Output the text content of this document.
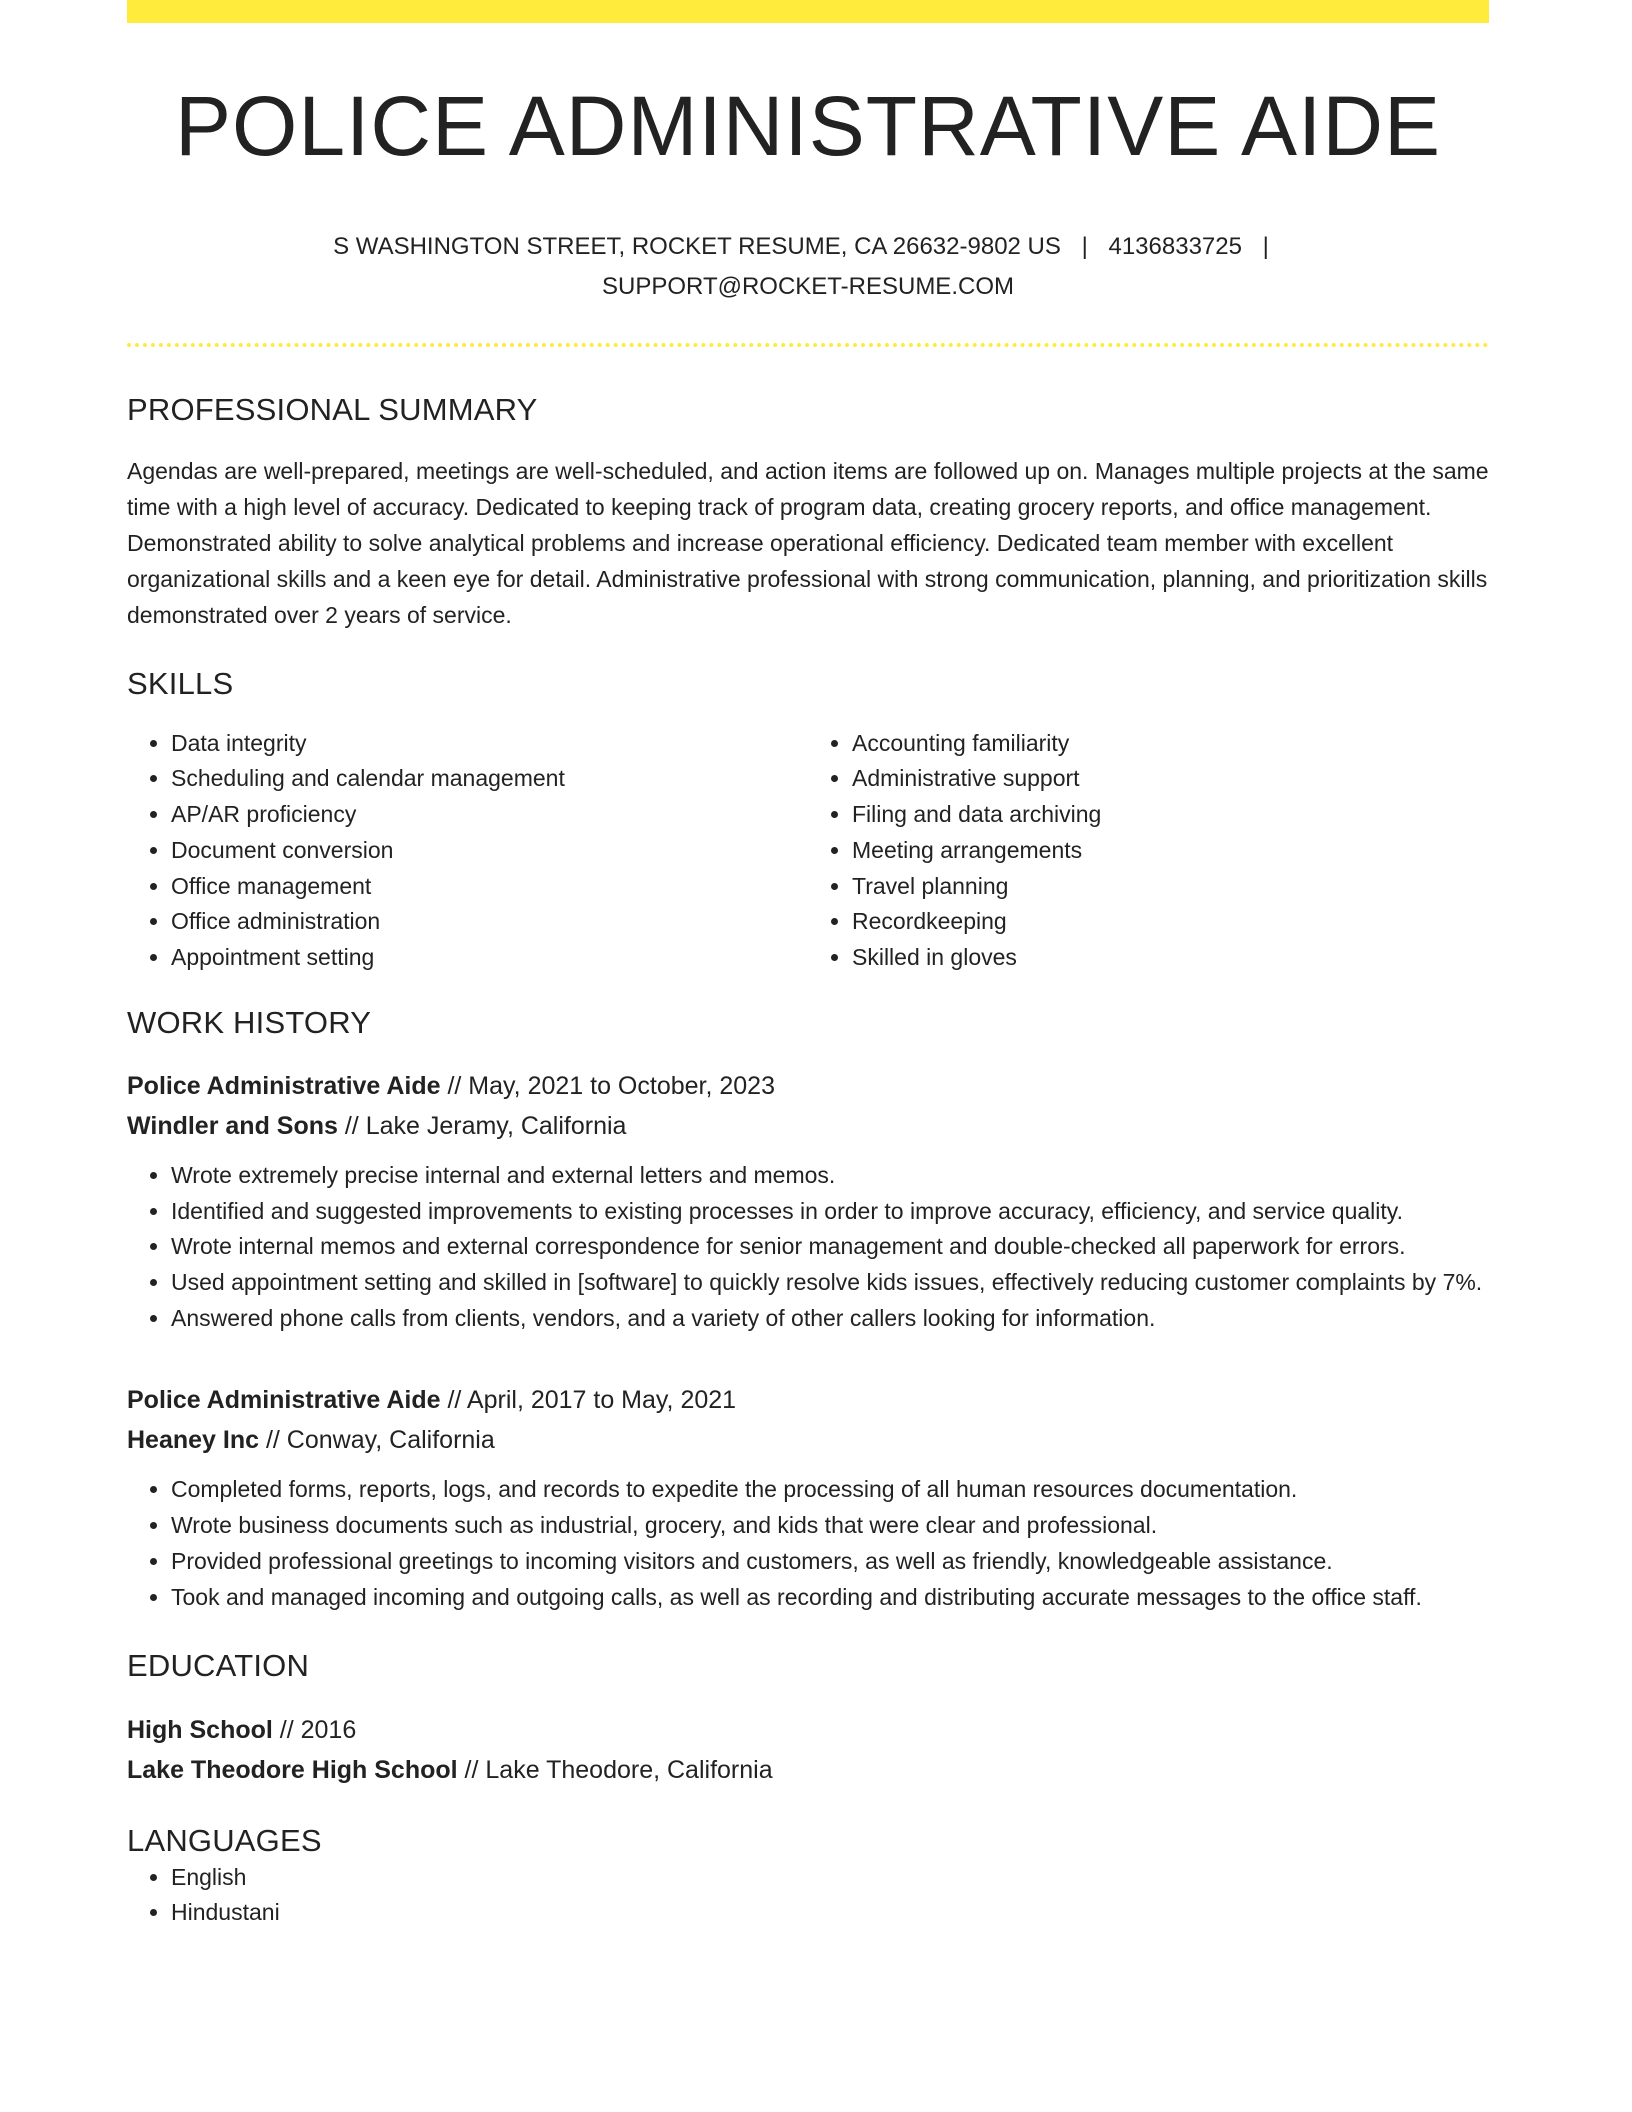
POLICE ADMINISTRATIVE AIDE
S WASHINGTON STREET, ROCKET RESUME, CA 26632-9802 US | 4136833725 |
SUPPORT@ROCKET-RESUME.COM
PROFESSIONAL SUMMARY
Agendas are well-prepared, meetings are well-scheduled, and action items are followed up on. Manages multiple projects at the same time with a high level of accuracy. Dedicated to keeping track of program data, creating grocery reports, and office management. Demonstrated ability to solve analytical problems and increase operational efficiency. Dedicated team member with excellent organizational skills and a keen eye for detail. Administrative professional with strong communication, planning, and prioritization skills demonstrated over 2 years of service.
SKILLS
• Data integrity
• Scheduling and calendar management
• AP/AR proficiency
• Document conversion
• Office management
• Office administration
• Appointment setting
• Accounting familiarity
• Administrative support
• Filing and data archiving
• Meeting arrangements
• Travel planning
• Recordkeeping
• Skilled in gloves
WORK HISTORY
Police Administrative Aide // May, 2021 to October, 2023
Windler and Sons // Lake Jeramy, California
• Wrote extremely precise internal and external letters and memos.
• Identified and suggested improvements to existing processes in order to improve accuracy, efficiency, and service quality.
• Wrote internal memos and external correspondence for senior management and double-checked all paperwork for errors.
• Used appointment setting and skilled in [software] to quickly resolve kids issues, effectively reducing customer complaints by 7%.
• Answered phone calls from clients, vendors, and a variety of other callers looking for information.
Police Administrative Aide // April, 2017 to May, 2021
Heaney Inc // Conway, California
• Completed forms, reports, logs, and records to expedite the processing of all human resources documentation.
• Wrote business documents such as industrial, grocery, and kids that were clear and professional.
• Provided professional greetings to incoming visitors and customers, as well as friendly, knowledgeable assistance.
• Took and managed incoming and outgoing calls, as well as recording and distributing accurate messages to the office staff.
EDUCATION
High School // 2016
Lake Theodore High School // Lake Theodore, California
LANGUAGES
• English
• Hindustani
